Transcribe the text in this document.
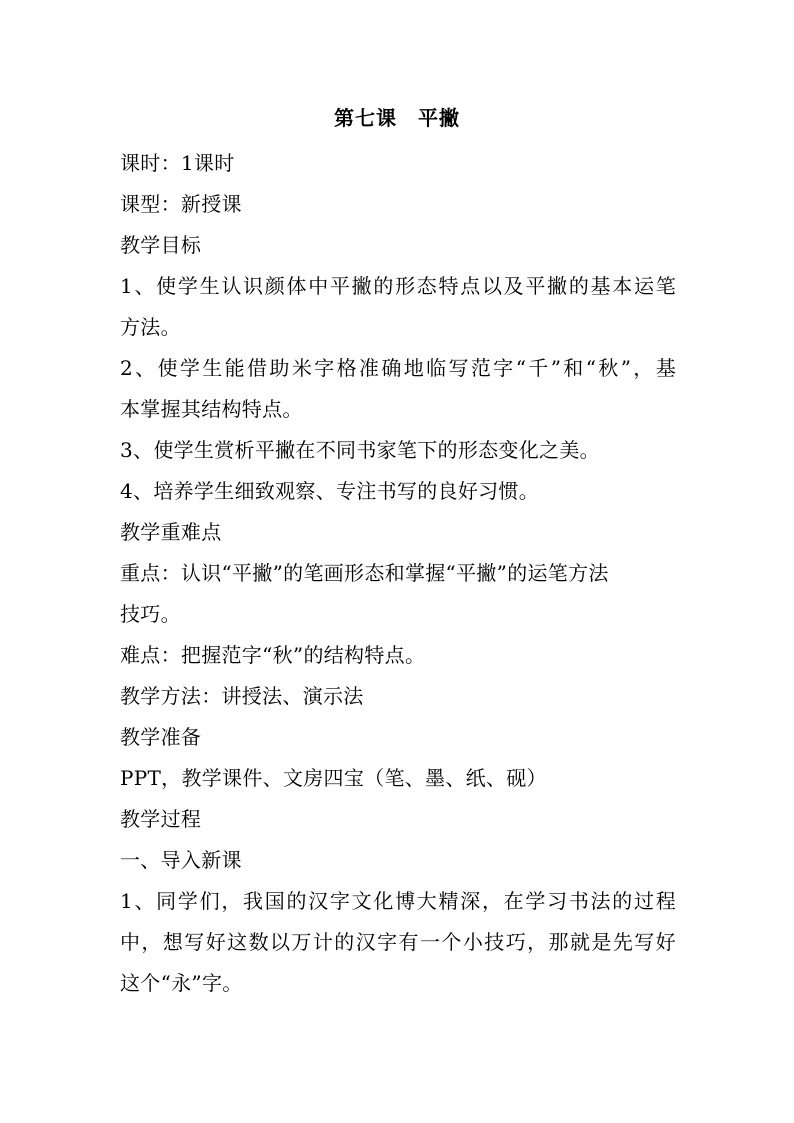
第七课　平撇
课时：1课时
课型：新授课
教学目标
1、使学生认识颜体中平撇的形态特点以及平撇的基本运笔
方法。
2、使学生能借助米字格准确地临写范字“千”和“秋”，基
本掌握其结构特点。
3、使学生赏析平撇在不同书家笔下的形态变化之美。
4、培养学生细致观察、专注书写的良好习惯。
教学重难点
重点：认识“平撇”的笔画形态和掌握“平撇”的运笔方法
技巧。
难点：把握范字“秋”的结构特点。
教学方法：讲授法、演示法
教学准备
PPT，教学课件、文房四宝（笔、墨、纸、砚）
教学过程
一、导入新课
1、同学们，我国的汉字文化博大精深，在学习书法的过程
中，想写好这数以万计的汉字有一个小技巧，那就是先写好
这个“永”字。
